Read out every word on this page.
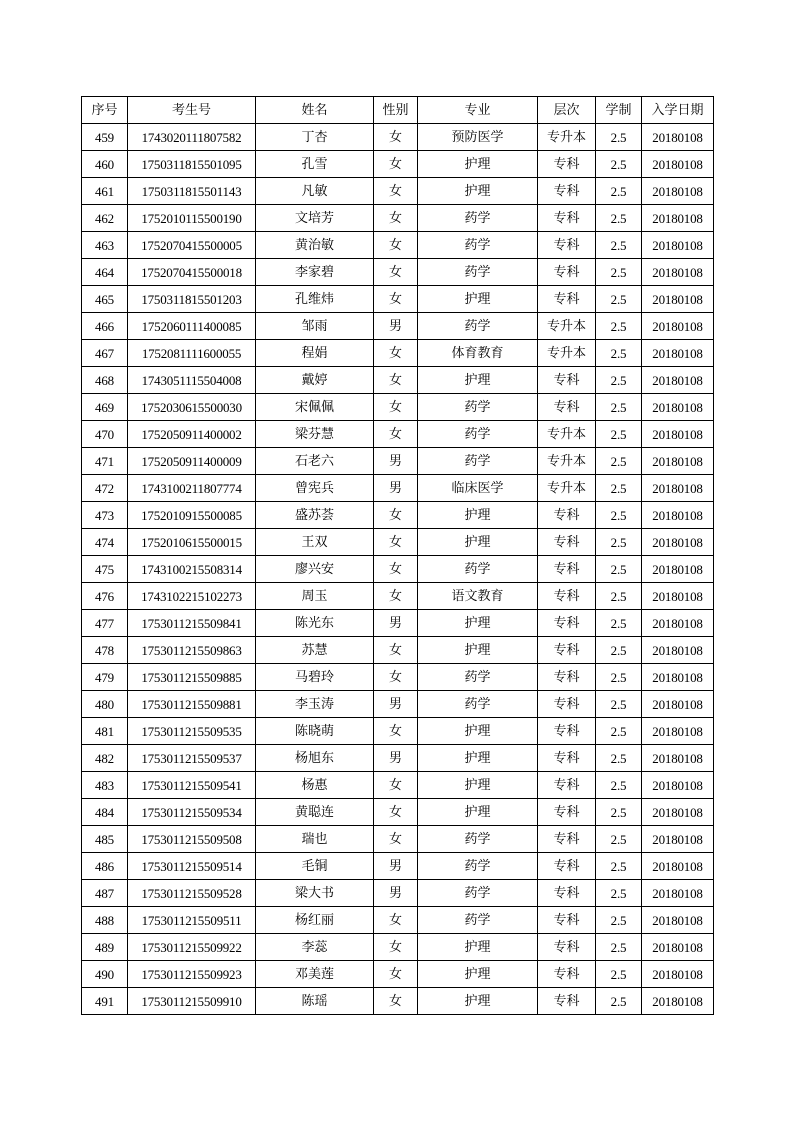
序号	考生号	姓名	性别	专业	层次	学制	入学日期
459	1743020111807582	丁杏	女	预防医学	专升本	2.5	20180108
460	1750311815501095	孔雪	女	护理	专科	2.5	20180108
461	1750311815501143	凡敏	女	护理	专科	2.5	20180108
462	1752010115500190	文培芳	女	药学	专科	2.5	20180108
463	1752070415500005	黄治敏	女	药学	专科	2.5	20180108
464	1752070415500018	李家碧	女	药学	专科	2.5	20180108
465	1750311815501203	孔维炜	女	护理	专科	2.5	20180108
466	1752060111400085	邹雨	男	药学	专升本	2.5	20180108
467	1752081111600055	程娟	女	体育教育	专升本	2.5	20180108
468	1743051115504008	戴婷	女	护理	专科	2.5	20180108
469	1752030615500030	宋佩佩	女	药学	专科	2.5	20180108
470	1752050911400002	梁芬慧	女	药学	专升本	2.5	20180108
471	1752050911400009	石老六	男	药学	专升本	2.5	20180108
472	1743100211807774	曾宪兵	男	临床医学	专升本	2.5	20180108
473	1752010915500085	盛苏荟	女	护理	专科	2.5	20180108
474	1752010615500015	王双	女	护理	专科	2.5	20180108
475	1743100215508314	廖兴安	女	药学	专科	2.5	20180108
476	1743102215102273	周玉	女	语文教育	专科	2.5	20180108
477	1753011215509841	陈光东	男	护理	专科	2.5	20180108
478	1753011215509863	苏慧	女	护理	专科	2.5	20180108
479	1753011215509885	马碧玲	女	药学	专科	2.5	20180108
480	1753011215509881	李玉涛	男	药学	专科	2.5	20180108
481	1753011215509535	陈晓萌	女	护理	专科	2.5	20180108
482	1753011215509537	杨旭东	男	护理	专科	2.5	20180108
483	1753011215509541	杨惠	女	护理	专科	2.5	20180108
484	1753011215509534	黄聪连	女	护理	专科	2.5	20180108
485	1753011215509508	瑞也	女	药学	专科	2.5	20180108
486	1753011215509514	毛铜	男	药学	专科	2.5	20180108
487	1753011215509528	梁大书	男	药学	专科	2.5	20180108
488	1753011215509511	杨红丽	女	药学	专科	2.5	20180108
489	1753011215509922	李蕊	女	护理	专科	2.5	20180108
490	1753011215509923	邓美莲	女	护理	专科	2.5	20180108
491	1753011215509910	陈瑶	女	护理	专科	2.5	20180108
